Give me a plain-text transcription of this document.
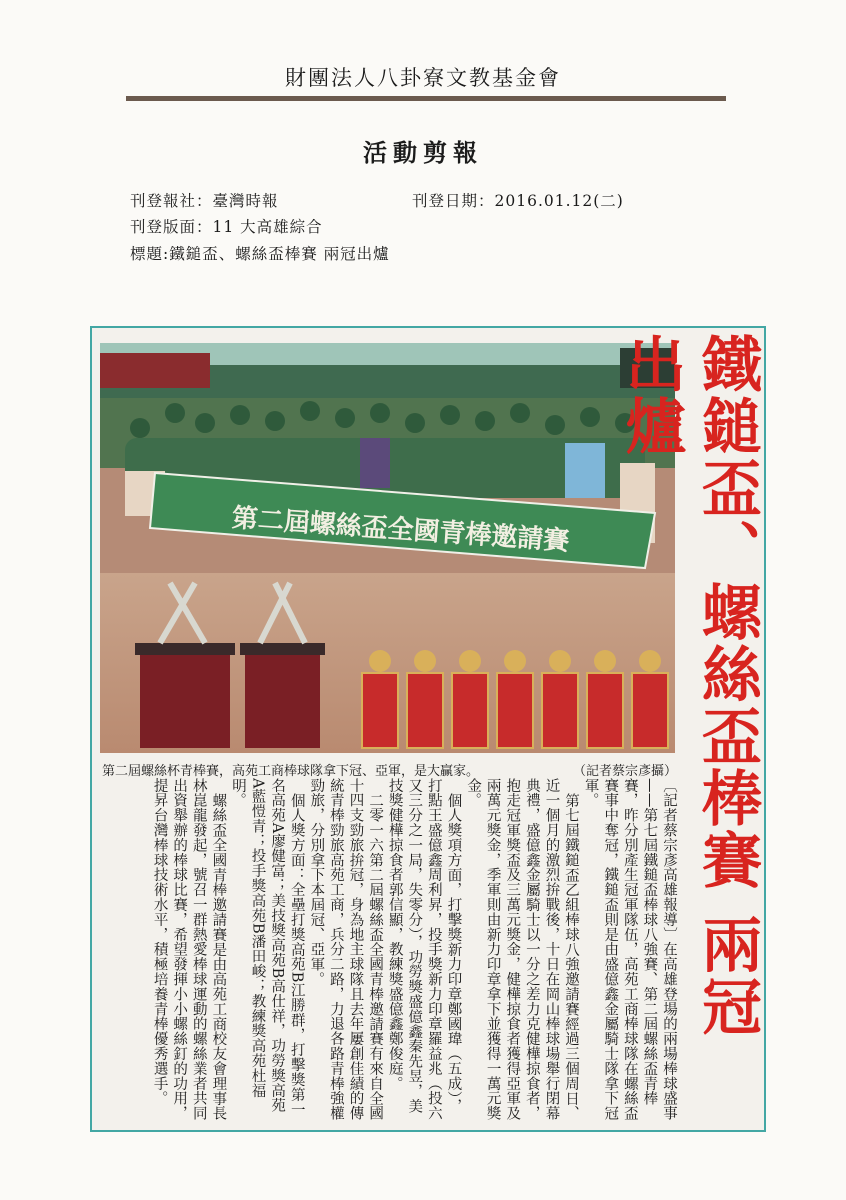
財團法人八卦寮文教基金會
活動剪報
刊登報社：臺灣時報	刊登日期：2016.01.12(二)
刊登版面：11 大高雄綜合
標題:鐵鎚盃、螺絲盃棒賽 兩冠出爐
第二屆螺絲盃全國青棒邀請賽
第二屆螺絲杯青棒賽，高苑工商棒球隊拿下冠、亞軍，是大贏家。	（記者蔡宗彥攝） 鐵鎚盃、螺絲盃棒賽 兩冠出爐

〔記者蔡宗彥高雄報導〕在高雄登場的兩場棒球盛事——第七屆鐵鎚盃棒球八強賽、第二屆螺絲盃青棒賽，昨分別產生冠軍隊伍，高苑工商棒球隊在螺絲盃賽事中奪冠，鐵鎚盃則是由盛億鑫金屬騎士隊拿下冠軍。

第七屆鐵鎚盃乙組棒球八強邀請賽經過三個周日、近一個月的激烈拚戰後，十日在岡山棒球場舉行閉幕典禮，盛億鑫金屬騎士以一分之差力克健樺掠食者，抱走冠軍獎盃及三萬元獎金，健樺掠食者獲得亞軍及兩萬元獎金，季軍則由新力印章拿下並獲得一萬元獎金。

個人獎項方面，打擊獎新力印章鄭國瑋（五成），打點王盛億鑫周利昇，投手獎新力印章羅益兆（投六又三分之一局，失零分），功勞獎盛億鑫秦先昱，美技獎健樺掠食者郭信顯，教練獎盛億鑫鄭俊庭。

二零一六第二屆螺絲盃全國青棒邀請賽有來自全國十四支勁旅拚冠，身為地主球隊且去年屢創佳績的傳統青棒勁旅高苑工商，兵分二路，力退各路青棒強權勁旅，分別拿下本屆冠、亞軍。

個人獎方面：全壘打獎高苑B江勝群，打擊獎第一名高苑A廖健富；美技獎高苑B高仕祥，功勞獎高苑A藍愷青；投手獎高苑B潘田峻；教練獎高苑杜福明。

螺絲盃全國青棒邀請賽是由高苑工商校友會理事長林崑龍發起，號召一群熱愛棒球運動的螺絲業者共同出資舉辦的棒球比賽，希望發揮小小螺絲釘的功用，提昇台灣棒球技術水平，積極培養青棒優秀選手。
